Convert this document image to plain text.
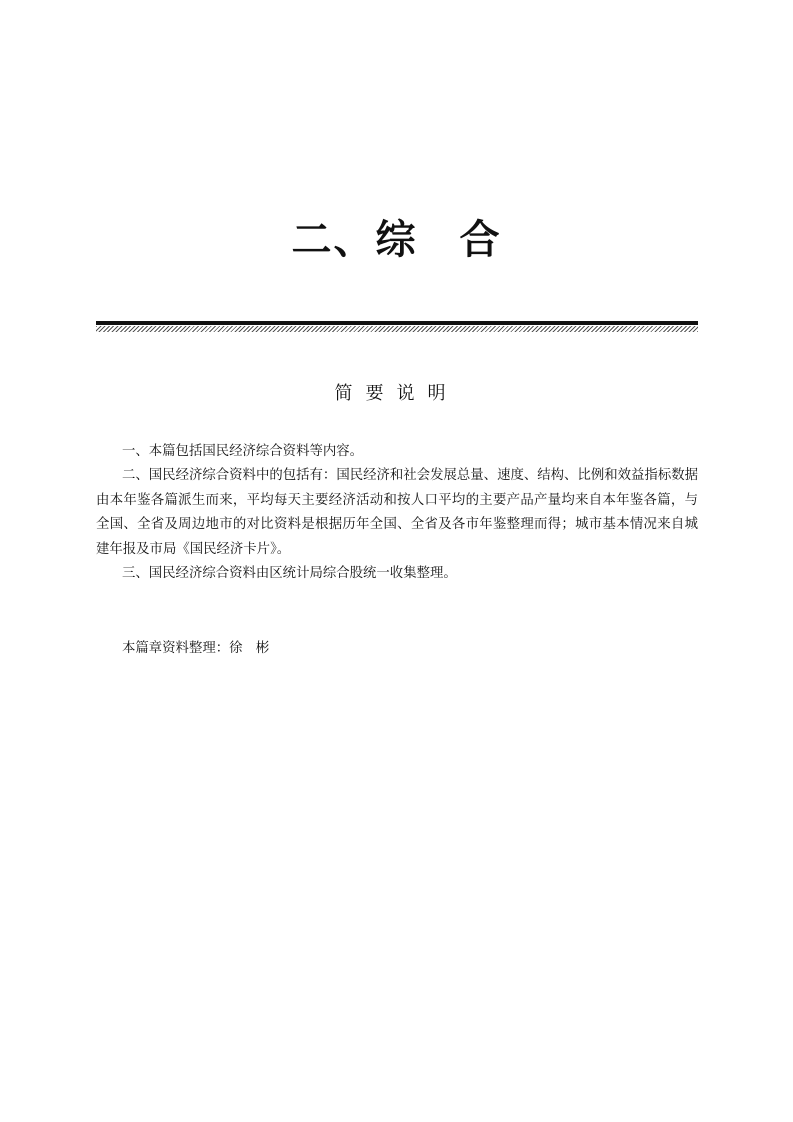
二、综　合
简要说明

一、本篇包括国民经济综合资料等内容。

二、国民经济综合资料中的包括有：国民经济和社会发展总量、速度、结构、比例和效益指标数据由本年鉴各篇派生而来，平均每天主要经济活动和按人口平均的主要产品产量均来自本年鉴各篇，与全国、全省及周边地市的对比资料是根据历年全国、全省及各市年鉴整理而得；城市基本情况来自城建年报及市局《国民经济卡片》。

三、国民经济综合资料由区统计局综合股统一收集整理。

本篇章资料整理：徐　彬
